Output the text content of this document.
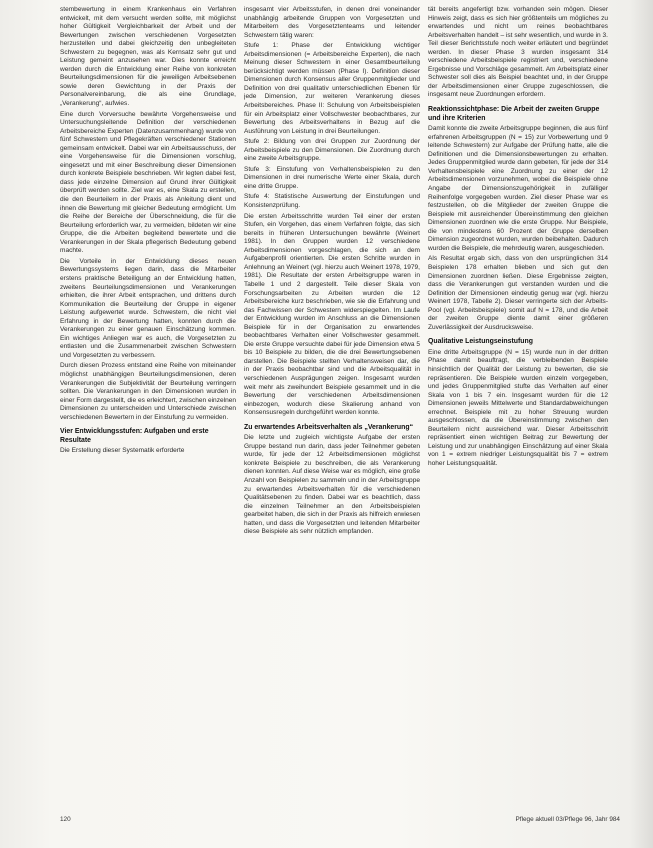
stembewertung in einem Krankenhaus ein Verfahren entwickelt, mit dem versucht werden sollte, mit möglichst hoher Gültigkeit Vergleichbarkeit der Arbeit und der Bewertungen zwischen verschiedenen Vorgesetzten herzustellen und dabei gleichzeitig den unbegleiteten Schwestern zu begegnen, was als Kernsatz sehr gut und Leistung gemeint anzusehen war. Dies konnte erreicht werden durch die Entwicklung einer Reihe von konkreten Beurteilungsdimensionen für die jeweiligen Arbeitsebenen sowie deren Gewichtung in der Praxis der Personalvereinbarung, die als eine Grundlage, „Verankerung“, aufwies.

Eine durch Vorversuche bewährte Vorgehensweise und Untersuchungsleitende Definition der verschiedenen Arbeitsbereiche Experten (Datenzusammenhang) wurde von fünf Schwestern und Pflegekräften verschiedener Stationen gemeinsam entwickelt. Dabei war ein Arbeitsausschuss, der eine Vorgehensweise für die Dimensionen vorschlug, eingesetzt und mit einer Beschreibung dieser Dimensionen durch konkrete Beispiele beschrieben. Wir legten dabei fest, dass jede einzelne Dimension auf Grund ihrer Gültigkeit überprüft werden sollte. Ziel war es, eine Skala zu erstellen, die den Beurteilern in der Praxis als Anleitung dient und ihnen die Bewertung mit gleicher Bedeutung ermöglicht. Um die Reihe der Bereiche der Überschneidung, die für die Beurteilung erforderlich war, zu vermeiden, bildeten wir eine Gruppe, die die Arbeiten begleitend bewertete und die Verankerungen in der Skala pflegerisch Bedeutung gebend machte.

Die Vorteile in der Entwicklung dieses neuen Bewertungssystems liegen darin, dass die Mitarbeiter erstens praktische Beteiligung an der Entwicklung hatten, zweitens Beurteilungsdimensionen und Verankerungen erhielten, die ihrer Arbeit entsprachen, und drittens durch Kommunikation die Beurteilung der Gruppe in eigener Leistung aufgewertet wurde. Schwestern, die nicht viel Erfahrung in der Bewertung hatten, konnten durch die Verankerungen zu einer genauen Einschätzung kommen. Ein wichtiges Anliegen war es auch, die Vorgesetzten zu entlasten und die Zusammenarbeit zwischen Schwestern und Vorgesetzten zu verbessern.

Durch diesen Prozess entstand eine Reihe von miteinander möglichst unabhängigen Beurteilungsdimensionen, deren Verankerungen die Subjektivität der Beurteilung verringern sollten. Die Verankerungen in den Dimensionen wurden in einer Form dargestellt, die es erleichtert, zwischen einzelnen Dimensionen zu unterscheiden und Unterschiede zwischen verschiedenen Bewertern in der Einstufung zu vermeiden.

Vier Entwicklungsstufen: Aufgaben und erste Resultate

Die Erstellung dieser Systematik erforderte

insgesamt vier Arbeitsstufen, in denen drei voneinander unabhängig arbeitende Gruppen von Vorgesetzten und Mitarbeitern des Vorgesetztenteams und leitender Schwestern tätig waren:

Stufe 1: Phase der Entwicklung wichtiger Arbeitsdimensionen (= Arbeitsbereiche Experten), die nach Meinung dieser Schwestern in einer Gesamtbeurteilung berücksichtigt werden müssen (Phase I). Definition dieser Dimensionen durch Konsensus aller Gruppenmitglieder und Definition von drei qualitativ unterschiedlichen Ebenen für jede Dimension, zur weiteren Verankerung dieses Arbeitsbereiches. Phase II: Schulung von Arbeitsbeispielen für ein Arbeitsplatz einer Vollschwester beobachtbares, zur Bewertung des Arbeitsverhaltens in Bezug auf die Ausführung von Leistung in drei Beurteilungen.

Stufe 2: Bildung von drei Gruppen zur Zuordnung der Arbeitsbeispiele zu den Dimensionen. Die Zuordnung durch eine zweite Arbeitsgruppe.

Stufe 3: Einstufung von Verhaltensbeispielen zu den Dimensionen in drei numerische Werte einer Skala, durch eine dritte Gruppe.

Stufe 4: Statistische Auswertung der Einstufungen und Konsistenzprüfung.

Die ersten Arbeitsschritte wurden Teil einer der ersten Stufen, ein Vorgehen, das einem Verfahren folgte, das sich bereits in früheren Untersuchungen bewährte (Weinert 1981). In den Gruppen wurden 12 verschiedene Arbeitsdimensionen vorgeschlagen, die sich an dem Aufgabenprofil orientierten. Die ersten Schritte wurden in Anlehnung an Weinert (vgl. hierzu auch Weinert 1978, 1979, 1981). Die Resultate der ersten Arbeitsgruppe waren in Tabelle 1 und 2 dargestellt. Teile dieser Skala von Forschungsarbeiten zu Arbeiten wurden die 12 Arbeitsbereiche kurz beschrieben, wie sie die Erfahrung und das Fachwissen der Schwestern widerspiegelten. Im Laufe der Entwicklung wurden im Anschluss an die Dimensionen Beispiele für in der Organisation zu erwartendes beobachtbares Verhalten einer Vollschwester gesammelt. Die erste Gruppe versuchte dabei für jede Dimension etwa 5 bis 10 Beispiele zu bilden, die die drei Bewertungsebenen darstellen. Die Beispiele stellten Verhaltensweisen dar, die in der Praxis beobachtbar sind und die Arbeitsqualität in verschiedenen Ausprägungen zeigen. Insgesamt wurden weit mehr als zweihundert Beispiele gesammelt und in die Bewertung der verschiedenen Arbeitsdimensionen einbezogen, wodurch diese Skalierung anhand von Konsensusregeln durchgeführt werden konnte.

Zu erwartendes Arbeitsverhalten als „Verankerung“

Die letzte und zugleich wichtigste Aufgabe der ersten Gruppe bestand nun darin, dass jeder Teilnehmer gebeten wurde, für jede der 12 Arbeitsdimensionen möglichst konkrete Beispiele zu beschreiben, die als Verankerung dienen konnten. Auf diese Weise war es möglich, eine große Anzahl von Beispielen zu sammeln und in der Arbeitsgruppe zu erwartendes Arbeitsverhalten für die verschiedenen Qualitätsebenen zu finden. Dabei war es beachtlich, dass die einzelnen Teilnehmer an den Arbeitsbeispielen gearbeitet haben, die sich in der Praxis als hilfreich erwiesen hatten, und dass die Vorgesetzten und leitenden Mitarbeiter diese Beispiele als sehr nützlich empfanden.

tät bereits angefertigt bzw. vorhanden sein mögen. Dieser Hinweis zeigt, dass es sich hier größtenteils um mögliches zu erwartendes und nicht um reines beobachtbares Arbeitsverhalten handelt – ist sehr wesentlich, und wurde in 3. Teil dieser Berichtsstufe noch weiter erläutert und begründet werden. In dieser Phase 3 wurden insgesamt 314 verschiedene Arbeitsbeispiele registriert und, verschiedene Ergebnisse und Vorschläge gesammelt. Am Arbeitsplatz einer Schwester soll dies als Beispiel beachtet und, in der Gruppe der Arbeitsdimensionen einer Gruppe zugeschlossen, die insgesamt neue Zuordnungen erfordern.

Reaktionssichtphase: Die Arbeit der zweiten Gruppe und ihre Kriterien

Damit konnte die zweite Arbeitsgruppe beginnen, die aus fünf erfahrenen Arbeitsgruppen (N = 15) zur Vorbewertung und 9 leitende Schwestern) zur Aufgabe der Prüfung hatte, alle die Definitionen und die Dimensionsbewertungen zu erhalten. Jedes Gruppenmitglied wurde dann gebeten, für jede der 314 Verhaltensbeispiele eine Zuordnung zu einer der 12 Arbeitsdimensionen vorzunehmen, wobei die Beispiele ohne Angabe der Dimensionszugehörigkeit in zufälliger Reihenfolge vorgegeben wurden. Ziel dieser Phase war es festzustellen, ob die Mitglieder der zweiten Gruppe die Beispiele mit ausreichender Übereinstimmung den gleichen Dimensionen zuordnen wie die erste Gruppe. Nur Beispiele, die von mindestens 60 Prozent der Gruppe derselben Dimension zugeordnet wurden, wurden beibehalten. Dadurch wurden die Beispiele, die mehrdeutig waren, ausgeschieden.

Als Resultat ergab sich, dass von den ursprünglichen 314 Beispielen 178 erhalten blieben und sich gut den Dimensionen zuordnen ließen. Diese Ergebnisse zeigten, dass die Verankerungen gut verstanden wurden und die Definition der Dimensionen eindeutig genug war (vgl. hierzu Weinert 1978, Tabelle 2). Dieser verringerte sich der Arbeits-Pool (vgl. Arbeitsbeispiele) somit auf N = 178, und die Arbeit der zweiten Gruppe diente damit einer größeren Zuverlässigkeit der Ausdrucksweise.

Qualitative Leistungseinstufung

Eine dritte Arbeitsgruppe (N = 15) wurde nun in der dritten Phase damit beauftragt, die verbleibenden Beispiele hinsichtlich der Qualität der Leistung zu bewerten, die sie repräsentieren. Die Beispiele wurden einzeln vorgegeben, und jedes Gruppenmitglied stufte das Verhalten auf einer Skala von 1 bis 7 ein. Insgesamt wurden für die 12 Dimensionen jeweils Mittelwerte und Standardabweichungen errechnet. Beispiele mit zu hoher Streuung wurden ausgeschlossen, da die Übereinstimmung zwischen den Beurteilern nicht ausreichend war. Dieser Arbeitsschritt repräsentiert einen wichtigen Beitrag zur Bewertung der Leistung und zur unabhängigen Einschätzung auf einer Skala von 1 = extrem niedriger Leistungsqualität bis 7 = extrem hoher Leistungsqualität.

120	Pflege aktuell 03/Pflege 96, Jahr 984
